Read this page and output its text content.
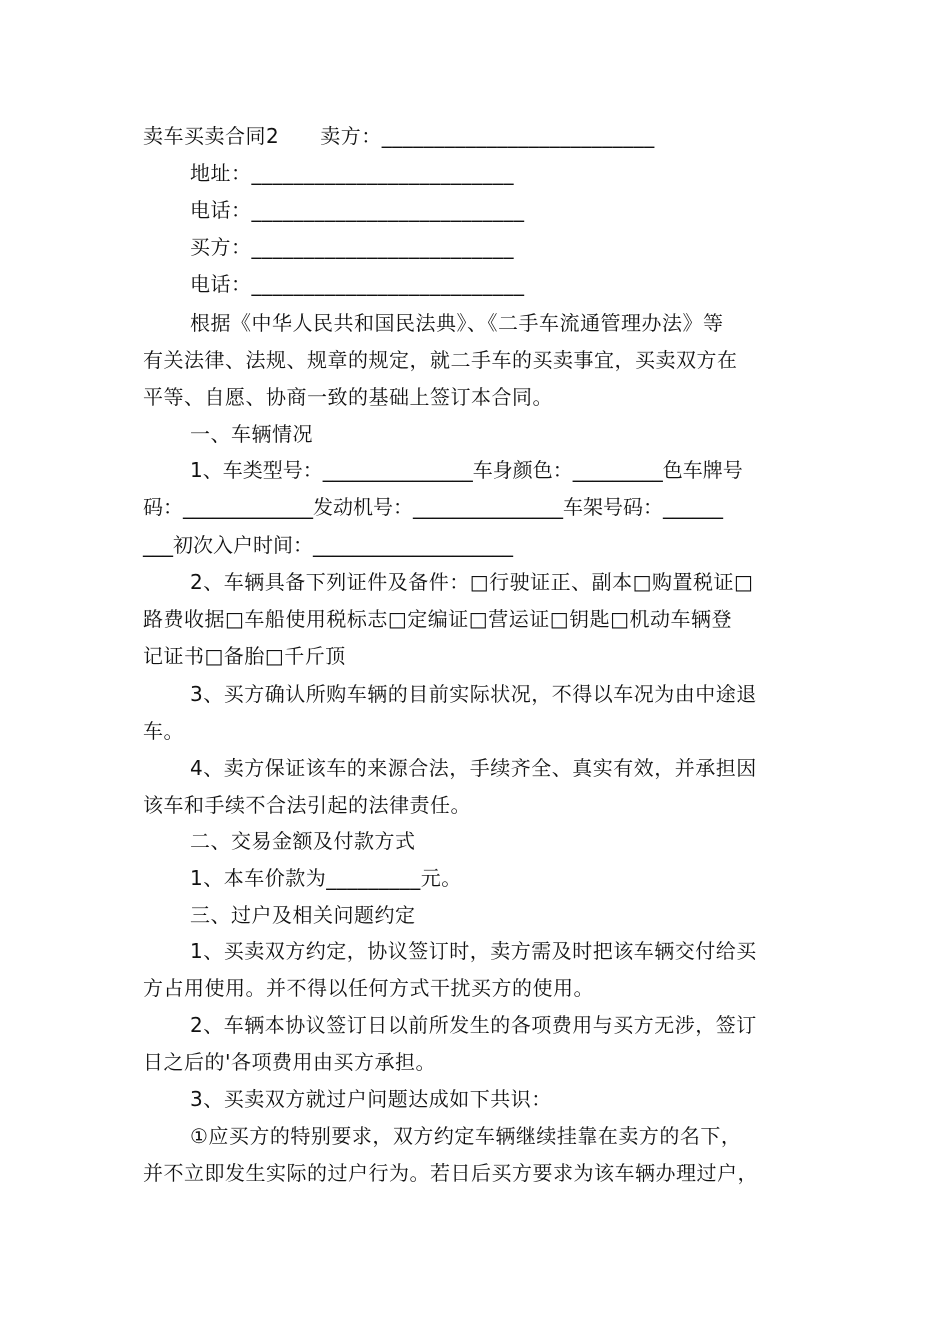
卖车买卖合同2　　卖方：__________________________
地址：_________________________
电话：__________________________
买方：_________________________
电话：__________________________
根据《中华人民共和国民法典》、《二手车流通管理办法》等
有关法律、法规、规章的规定，就二手车的买卖事宜，买卖双方在
平等、自愿、协商一致的基础上签订本合同。
一、车辆情况
1、车类型号：_______________车身颜色：_________色车牌号
码：_____________发动机号：_______________车架号码：______
___初次入户时间：____________________
2、车辆具备下列证件及备件：□行驶证正、副本□购置税证□
路费收据□车船使用税标志□定编证□营运证□钥匙□机动车辆登
记证书□备胎□千斤顶
3、买方确认所购车辆的目前实际状况，不得以车况为由中途退
车。
4、卖方保证该车的来源合法，手续齐全、真实有效，并承担因
该车和手续不合法引起的法律责任。
二、交易金额及付款方式
1、本车价款为_________元。
三、过户及相关问题约定
1、买卖双方约定，协议签订时，卖方需及时把该车辆交付给买
方占用使用。并不得以任何方式干扰买方的使用。
2、车辆本协议签订日以前所发生的各项费用与买方无涉，签订
日之后的'各项费用由买方承担。
3、买卖双方就过户问题达成如下共识：
①应买方的特别要求，双方约定车辆继续挂靠在卖方的名下，
并不立即发生实际的过户行为。若日后买方要求为该车辆办理过户，
